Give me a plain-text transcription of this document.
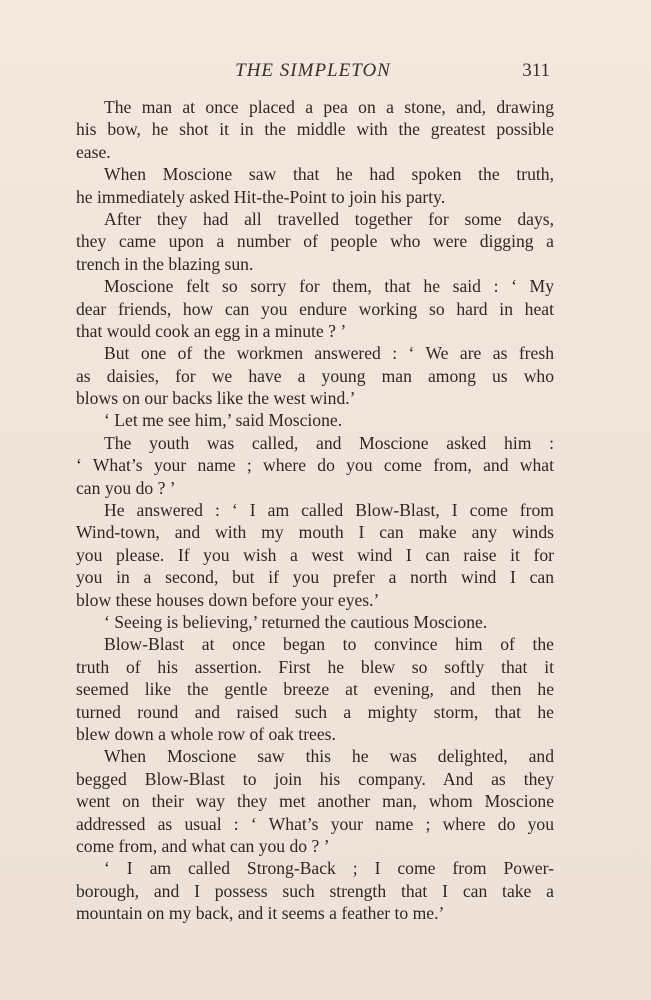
THE SIMPLETON	311
The man at once placed a pea on a stone, and, drawing
his bow, he shot it in the middle with the greatest possible
ease.
When Moscione saw that he had spoken the truth,
he immediately asked Hit-the-Point to join his party.
After they had all travelled together for some days,
they came upon a number of people who were digging a
trench in the blazing sun.
Moscione felt so sorry for them, that he said : ‘ My
dear friends, how can you endure working so hard in heat
that would cook an egg in a minute ? ’
But one of the workmen answered : ‘ We are as fresh
as daisies, for we have a young man among us who
blows on our backs like the west wind.’
‘ Let me see him,’ said Moscione.
The youth was called, and Moscione asked him :
‘ What’s your name ; where do you come from, and what
can you do ? ’
He answered : ‘ I am called Blow-Blast, I come from
Wind-town, and with my mouth I can make any winds
you please. If you wish a west wind I can raise it for
you in a second, but if you prefer a north wind I can
blow these houses down before your eyes.’
‘ Seeing is believing,’ returned the cautious Moscione.
Blow-Blast at once began to convince him of the
truth of his assertion. First he blew so softly that it
seemed like the gentle breeze at evening, and then he
turned round and raised such a mighty storm, that he
blew down a whole row of oak trees.
When Moscione saw this he was delighted, and
begged Blow-Blast to join his company. And as they
went on their way they met another man, whom Moscione
addressed as usual : ‘ What’s your name ; where do you
come from, and what can you do ? ’
‘ I am called Strong-Back ; I come from Power-
borough, and I possess such strength that I can take a
mountain on my back, and it seems a feather to me.’
